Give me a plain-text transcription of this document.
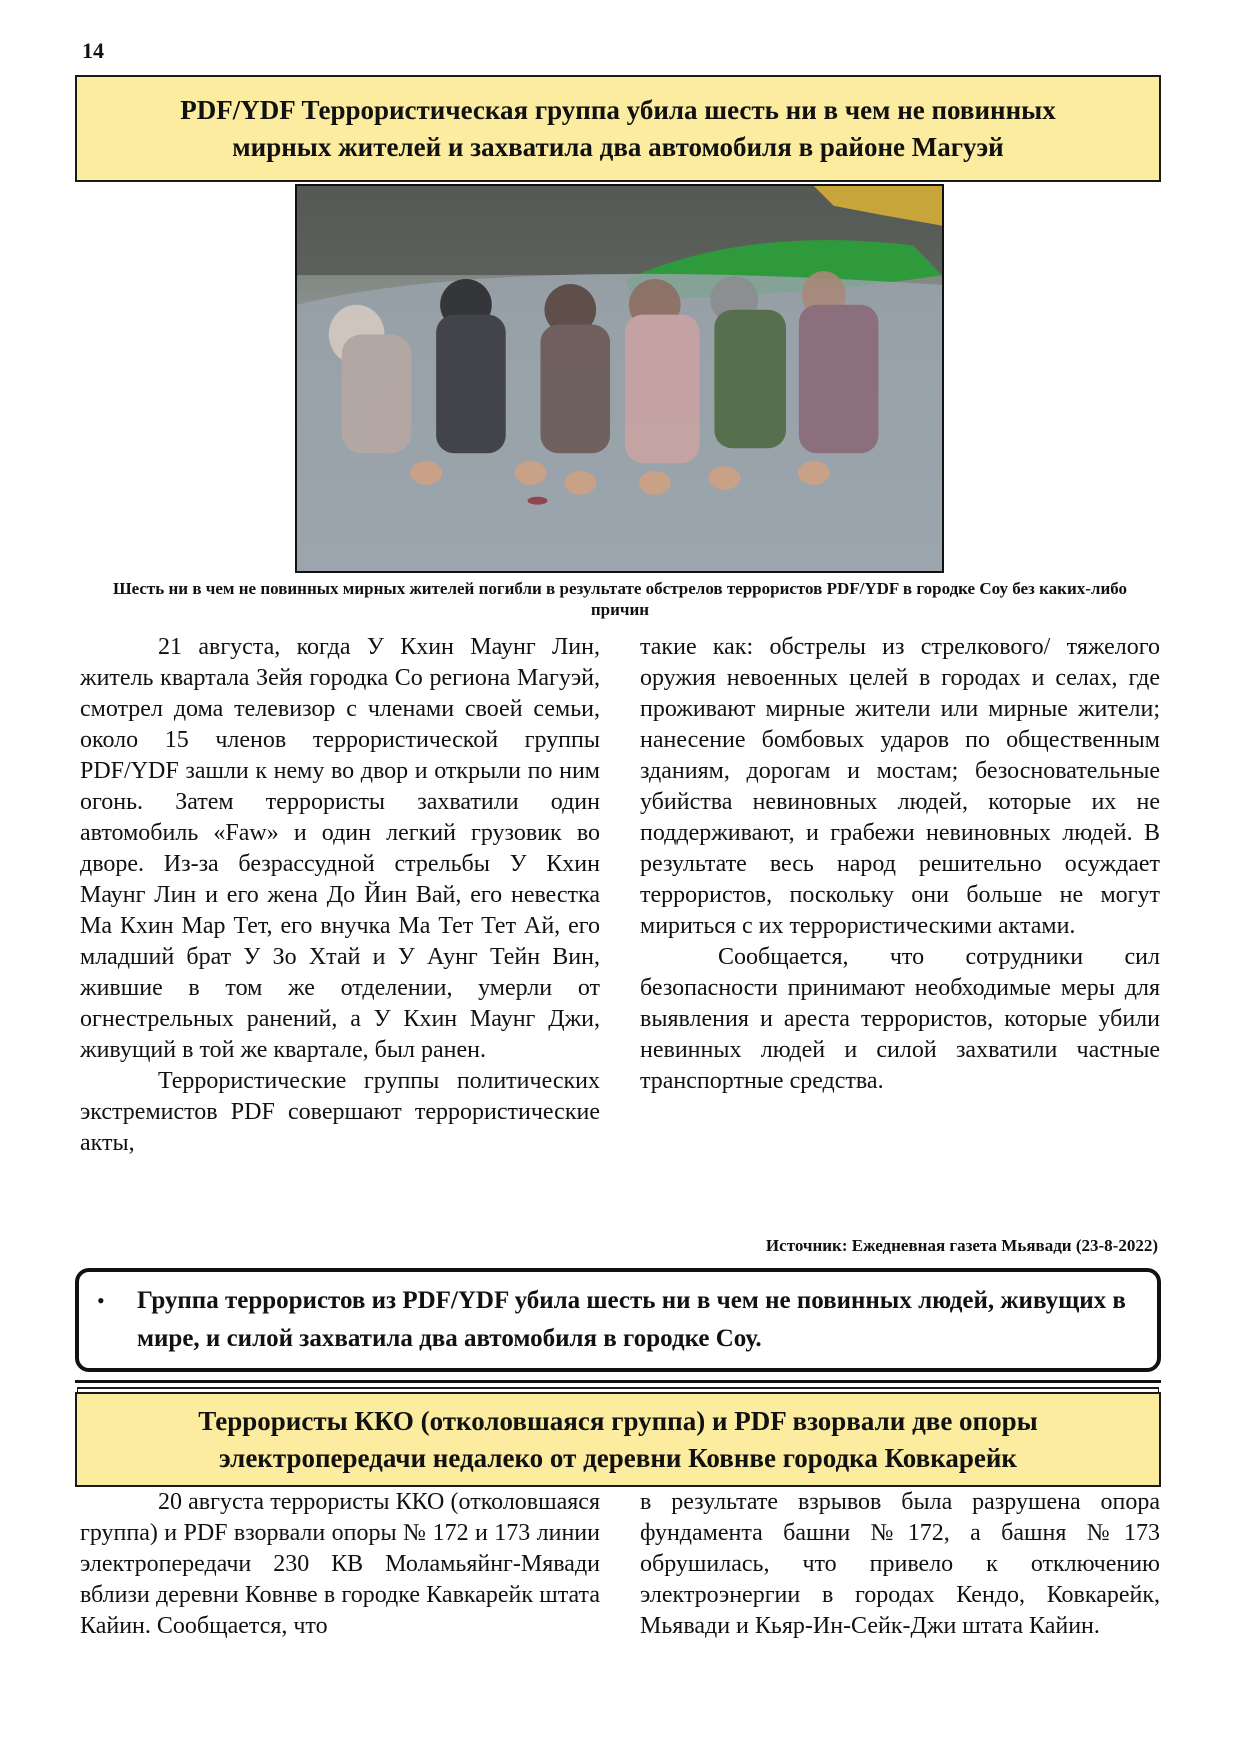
14
PDF/YDF Террористическая группа убила шесть ни в чем не повинных
мирных жителей и захватила два автомобиля в районе Магуэй
Шесть ни в чем не повинных мирных жителей погибли в результате обстрелов террористов PDF/YDF в городке Соу без каких-либо причин

21 августа, когда У Кхин Маунг Лин, житель квартала Зейя городка Со региона Магуэй, смотрел дома телевизор с членами своей семьи, около 15 членов террористической группы PDF/YDF зашли к нему во двор и открыли по ним огонь. Затем террористы захватили один автомобиль «Faw» и один легкий грузовик во дворе. Из-за безрассудной стрельбы У Кхин Маунг Лин и его жена До Йин Вай, его невестка Ма Кхин Мар Тет, его внучка Ма Тет Тет Ай, его младший брат У Зо Хтай и У Аунг Тейн Вин, жившие в том же отделении, умерли от огнестрельных ранений, а У Кхин Маунг Джи, живущий в той же квартале, был ранен.

Террористические группы политических экстремистов PDF совершают террористические акты,

такие как: обстрелы из стрелкового/ тяжелого оружия невоенных целей в городах и селах, где проживают мирные жители или мирные жители; нанесение бомбовых ударов по общественным зданиям, дорогам и мостам; безосновательные убийства невиновных людей, которые их не поддерживают, и грабежи невиновных людей. В результате весь народ решительно осуждает террористов, поскольку они больше не могут мириться с их террористическими актами.

Сообщается, что сотрудники сил безопасности принимают необходимые меры для выявления и ареста террористов, которые убили невинных людей и силой захватили частные транспортные средства.

Источник: Ежедневная газета Мьявади (23-8-2022)
•	Группа террористов из PDF/YDF убила шесть ни в чем не повинных людей, живущих в мире, и силой захватила два автомобиля в городке Соу.
Террористы ККО (отколовшаяся группа) и PDF взорвали две опоры
электропередачи недалеко от деревни Ковнве городка Ковкарейк

20 августа террористы ККО (отколовшаяся группа) и PDF взорвали опоры № 172 и 173 линии электропередачи 230 КВ Моламьяйнг-Мявади вблизи деревни Ковнве в городке Кавкарейк штата Кайин. Сообщается, что

в результате взрывов была разрушена опора фундамента башни №172, а башня №173 обрушилась, что привело к отключению электроэнергии в городах Кендо, Ковкарейк, Мьявади и Кьяр-Ин-Сейк-Джи штата Кайин.
